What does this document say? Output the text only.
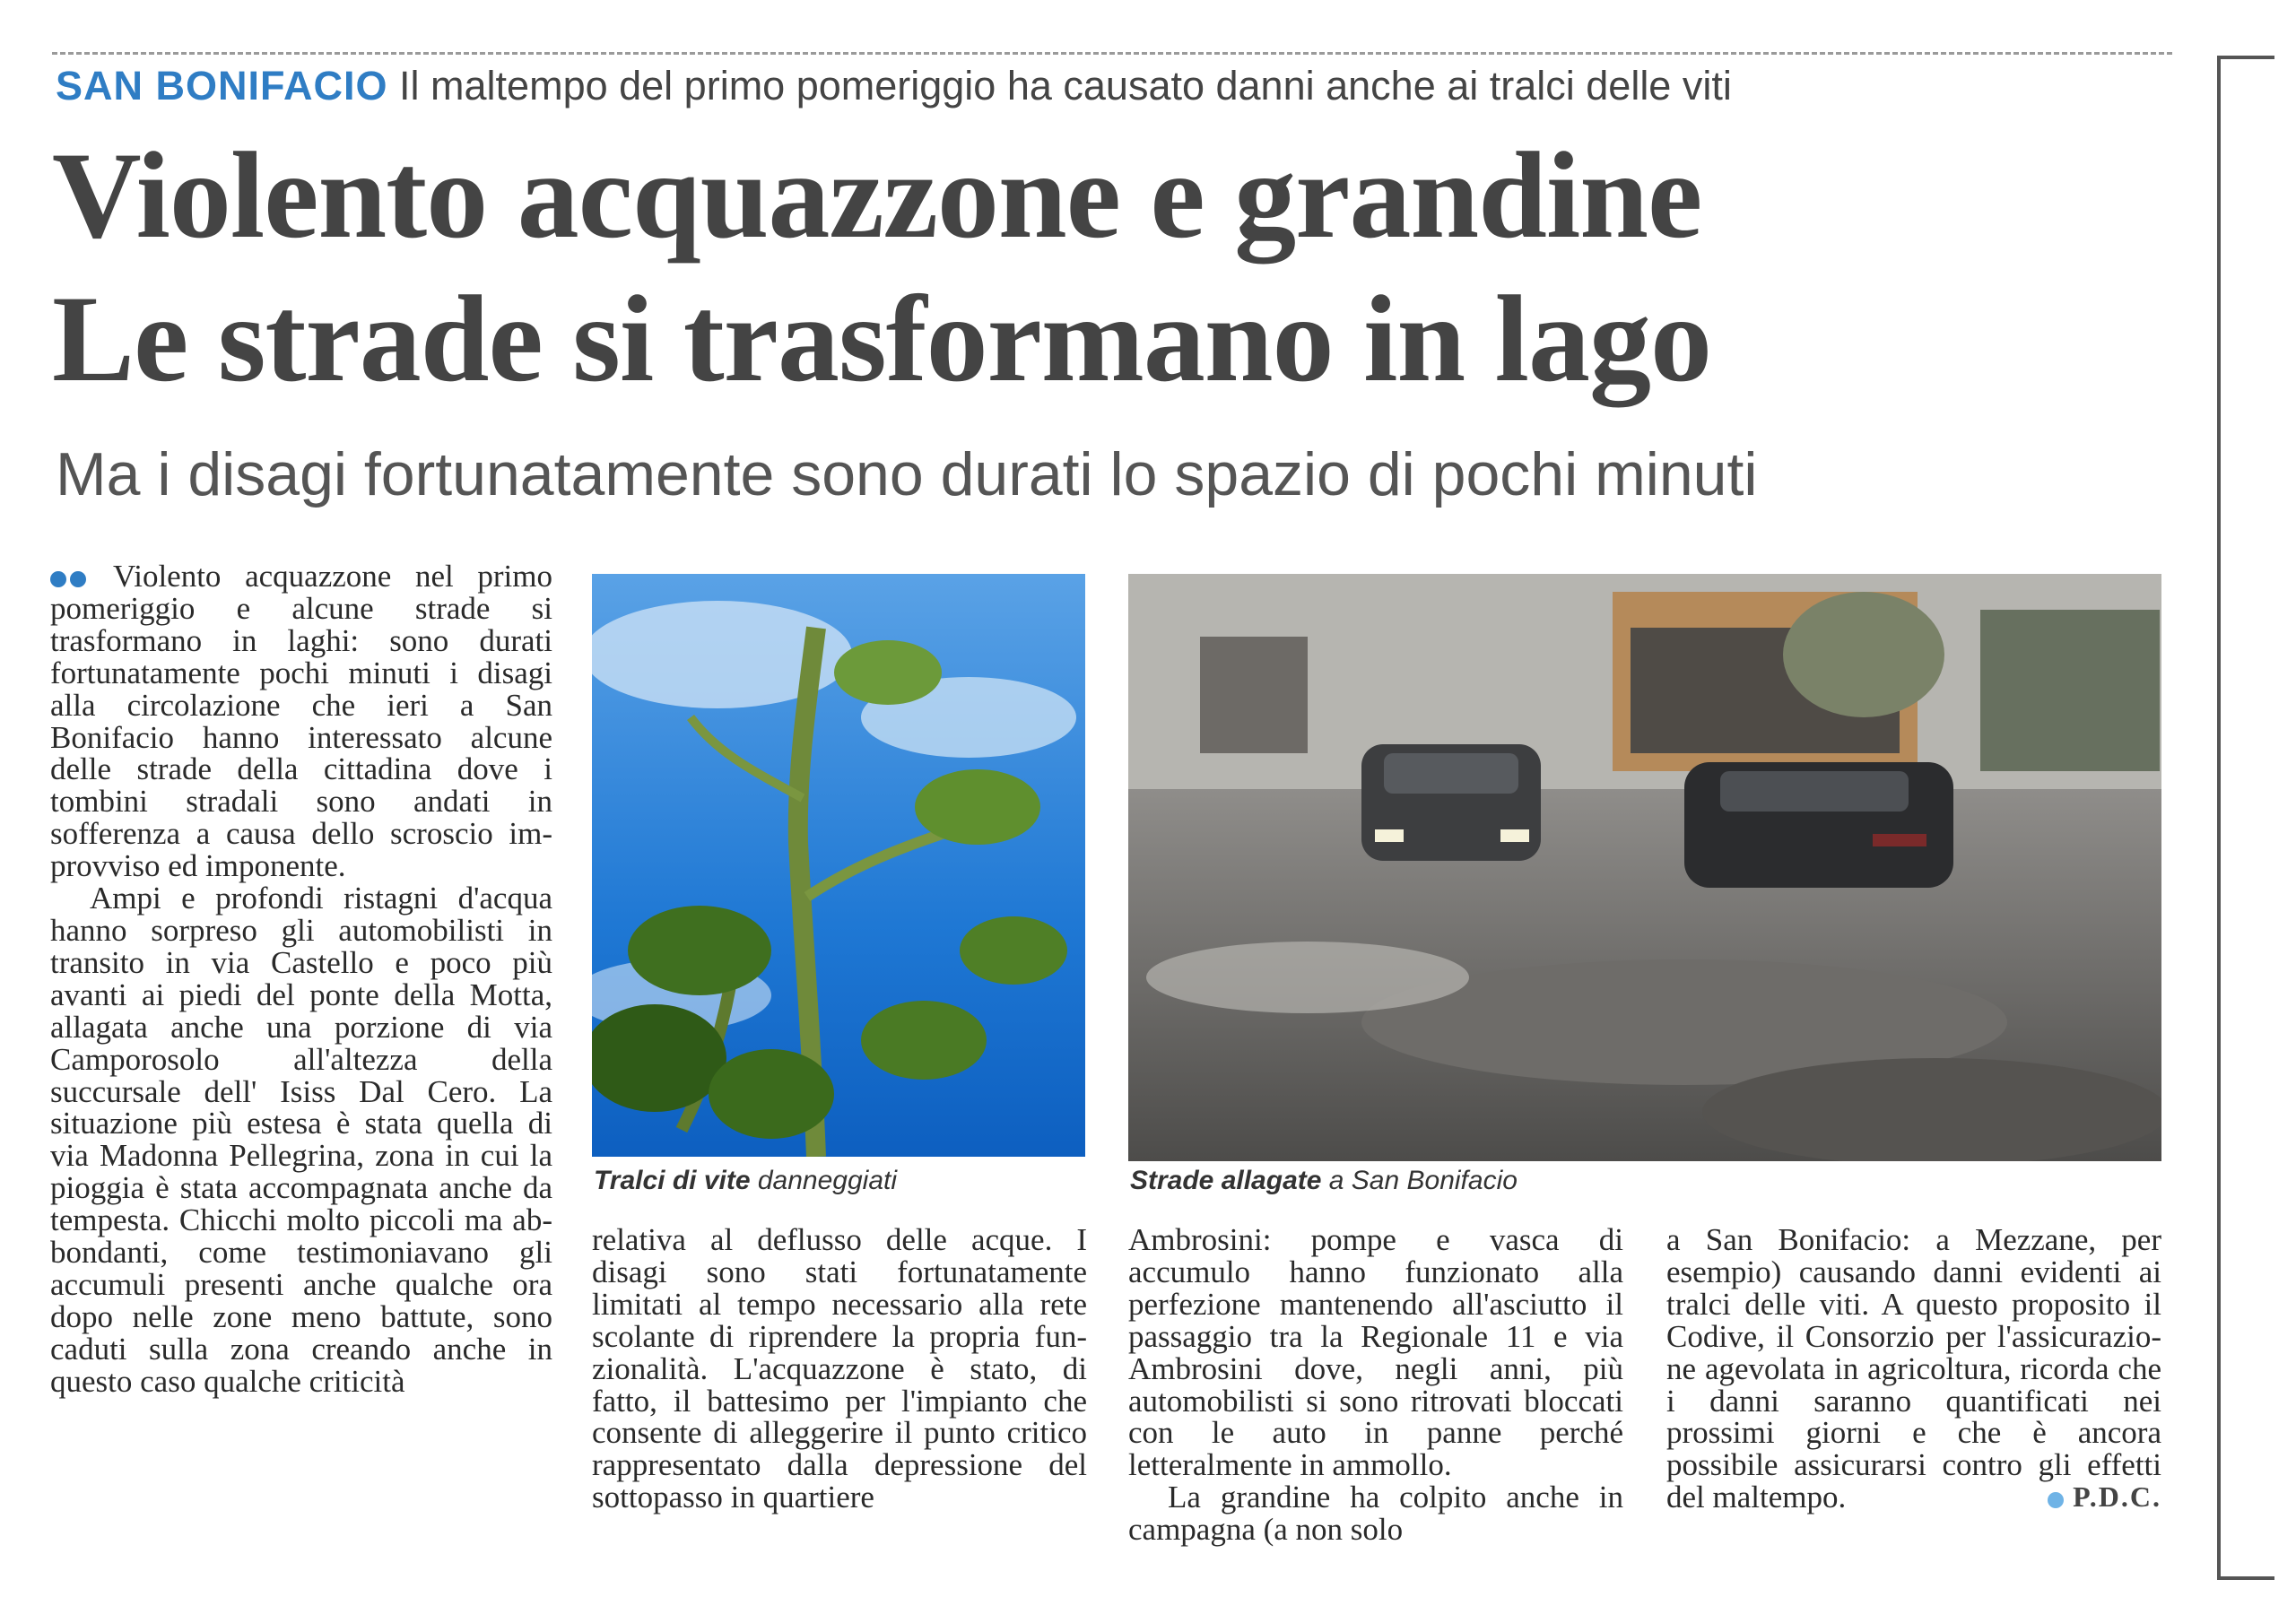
SAN BONIFACIO Il maltempo del primo pomeriggio ha causato danni anche ai tralci delle viti
Violento acquazzone e grandine
Le strade si trasformano in lago
Ma i disagi fortunatamente sono durati lo spazio di pochi minuti

Violento acquazzone nel primo pomeriggio e alcune strade si trasformano in laghi: sono durati fortunatamente pochi minuti i disagi alla circolazione che ieri a San Bonifacio hanno interessato alcune delle strade della cittadina dove i tombini stradali sono andati in sofferenza a causa dello scroscio improvviso ed imponente.

Ampi e profondi ristagni d'acqua hanno sorpreso gli automobilisti in transito in via Castello e poco più avanti ai piedi del ponte della Motta, allagata anche una porzione di via Camporosolo all'altezza della succursale dell' Isiss Dal Cero. La situazione più estesa è stata quella di via Madonna Pellegrina, zona in cui la pioggia è stata accompagnata anche da tempesta. Chicchi molto piccoli ma abbondanti, come testimoniavano gli accumuli presenti anche qualche ora dopo nelle zone meno battute, sono caduti sulla zona creando anche in questo caso qualche criticità

Tralci di vite danneggiati	Strade allagate a San Bonifacio

relativa al deflusso delle acque. I disagi sono stati fortunatamente limitati al tempo necessario alla rete scolante di riprendere la propria funzionalità. L'acquazzone è stato, di fatto, il battesimo per l'impianto che consente di alleggerire il punto critico rappresentato dalla depressione del sottopasso in quartiere

Ambrosini: pompe e vasca di accumulo hanno funzionato alla perfezione mantenendo all'asciutto il passaggio tra la Regionale 11 e via Ambrosini dove, negli anni, più automobilisti si sono ritrovati bloccati con le auto in panne perché letteralmente in ammollo.

La grandine ha colpito anche in campagna (a non solo

a San Bonifacio: a Mezzane, per esempio) causando danni evidenti ai tralci delle viti. A questo proposito il Codive, il Consorzio per l'assicurazione agevolata in agricoltura, ricorda che i danni saranno quantificati nei prossimi giorni e che è ancora possibile assicurarsi contro gli effetti del maltempo.	P.D.C.
